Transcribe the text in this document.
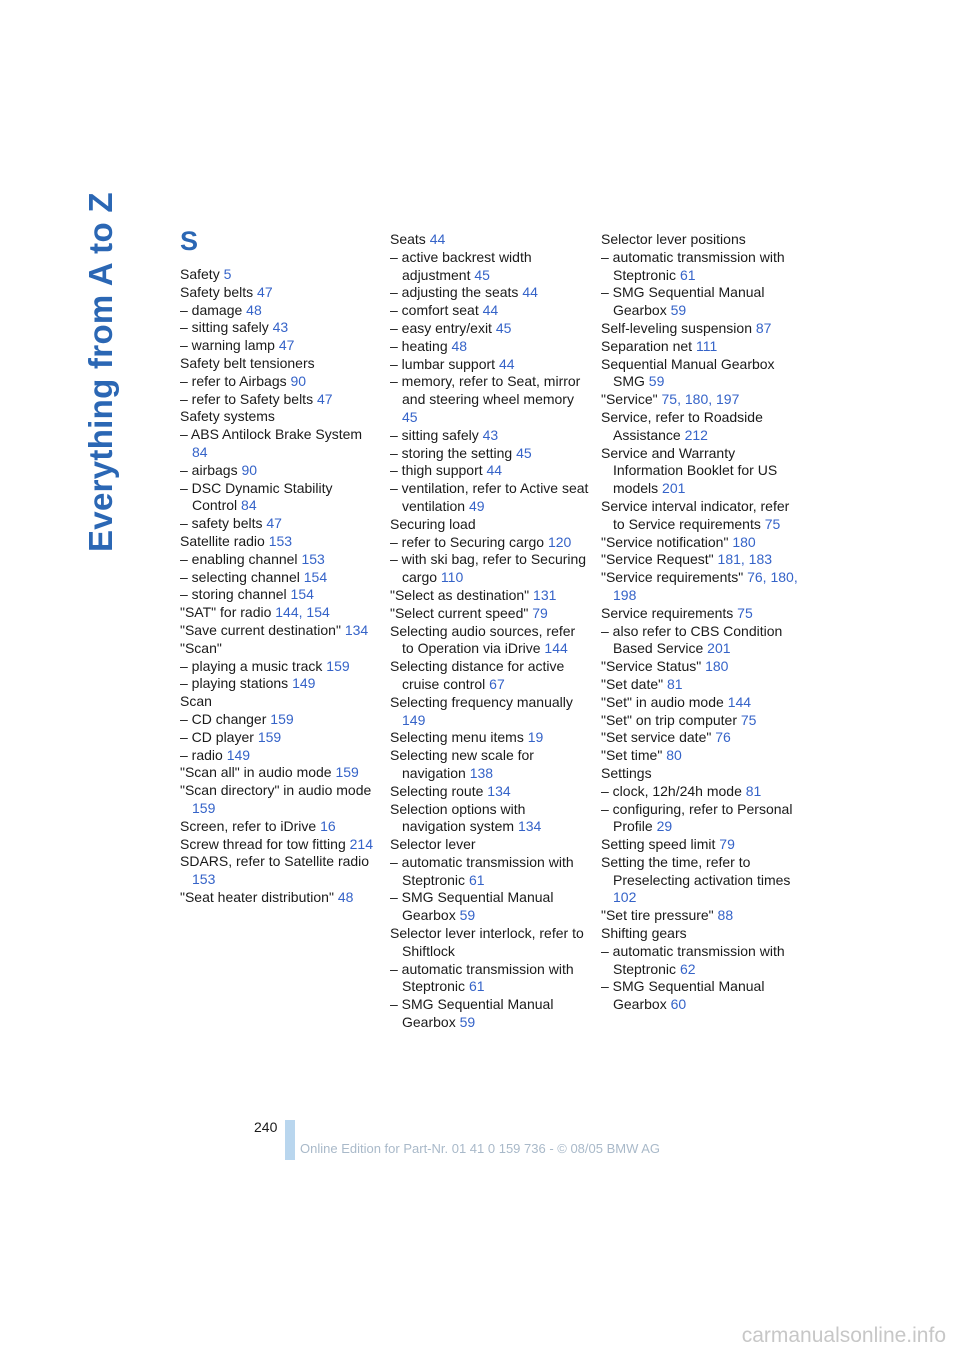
Everything from A to Z S

Safety 5

Safety belts 47

– damage 48

– sitting safely 43

– warning lamp 47

Safety belt tensioners

– refer to Airbags 90

– refer to Safety belts 47

Safety systems

– ABS Antilock Brake System 84

– airbags 90

– DSC Dynamic Stability Control 84

– safety belts 47

Satellite radio 153

– enabling channel 153

– selecting channel 154

– storing channel 154

"SAT" for radio 144, 154

"Save current destination" 134

"Scan"

– playing a music track 159

– playing stations 149

Scan

– CD changer 159

– CD player 159

– radio 149

"Scan all" in audio mode 159

"Scan directory" in audio mode 159

Screen, refer to iDrive 16

Screw thread for tow fitting 214

SDARS, refer to Satellite radio 153

"Seat heater distribution" 48

Seats 44

– active backrest width adjustment 45

– adjusting the seats 44

– comfort seat 44

– easy entry/exit 45

– heating 48

– lumbar support 44

– memory, refer to Seat, mirror and steering wheel memory 45

– sitting safely 43

– storing the setting 45

– thigh support 44

– ventilation, refer to Active seat ventilation 49

Securing load

– refer to Securing cargo 120

– with ski bag, refer to Securing cargo 110

"Select as destination" 131

"Select current speed" 79

Selecting audio sources, refer to Operation via iDrive 144

Selecting distance for active cruise control 67

Selecting frequency manually 149

Selecting menu items 19

Selecting new scale for navigation 138

Selecting route 134

Selection options with navigation system 134

Selector lever

– automatic transmission with Steptronic 61

– SMG Sequential Manual Gearbox 59

Selector lever interlock, refer to Shiftlock

– automatic transmission with Steptronic 61

– SMG Sequential Manual Gearbox 59

Selector lever positions

– automatic transmission with Steptronic 61

– SMG Sequential Manual Gearbox 59

Self-leveling suspension 87

Separation net 111

Sequential Manual Gearbox SMG 59

"Service" 75, 180, 197

Service, refer to Roadside Assistance 212

Service and Warranty Information Booklet for US models 201

Service interval indicator, refer to Service requirements 75

"Service notification" 180

"Service Request" 181, 183

"Service requirements" 76, 180, 198

Service requirements 75

– also refer to CBS Condition Based Service 201

"Service Status" 180

"Set date" 81

"Set" in audio mode 144

"Set" on trip computer 75

"Set service date" 76

"Set time" 80

Settings

– clock, 12h/24h mode 81

– configuring, refer to Personal Profile 29

Setting speed limit 79

Setting the time, refer to Preselecting activation times 102

"Set tire pressure" 88

Shifting gears

– automatic transmission with Steptronic 62

– SMG Sequential Manual Gearbox 60

240
Online Edition for Part-Nr. 01 41 0 159 736 - © 08/05 BMW AG
carmanualsonline.info
